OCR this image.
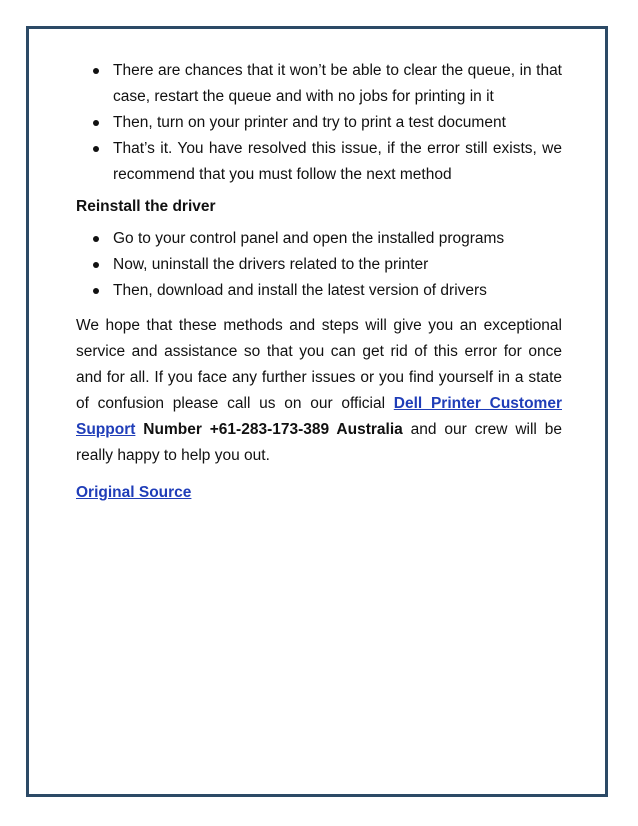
There are chances that it won’t be able to clear the queue, in that case, restart the queue and with no jobs for printing in it
Then, turn on your printer and try to print a test document
That’s it. You have resolved this issue, if the error still exists, we recommend that you must follow the next method
Reinstall the driver
Go to your control panel and open the installed programs
Now, uninstall the drivers related to the printer
Then, download and install the latest version of drivers

We hope that these methods and steps will give you an exceptional service and assistance so that you can get rid of this error for once and for all. If you face any further issues or you find yourself in a state of confusion please call us on our official Dell Printer Customer Support Number +61-283-173-389 Australia and our crew will be really happy to help you out.

Original Source
